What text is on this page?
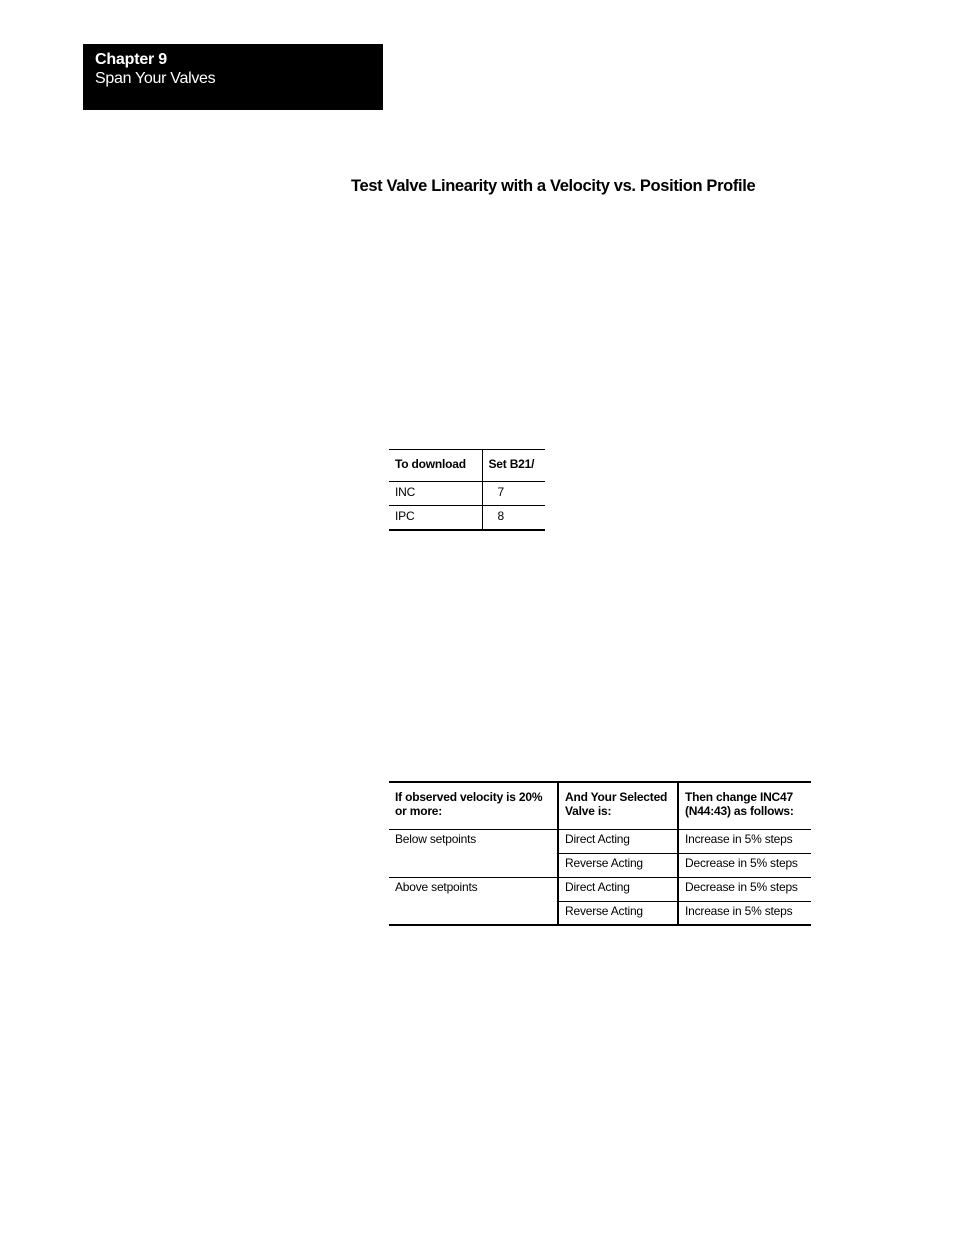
Chapter 9
Span Your Valves
Test Valve Linearity with a Velocity vs. Position Profile
To download	Set B21/
INC	7
IPC	8
If observed velocity is 20% or more:	And Your Selected Valve is:	Then change INC47 (N44:43) as follows:
Below setpoints	Direct Acting	Increase in 5% steps
	Reverse Acting	Decrease in 5% steps
Above setpoints	Direct Acting	Decrease in 5% steps
	Reverse Acting	Increase in 5% steps
